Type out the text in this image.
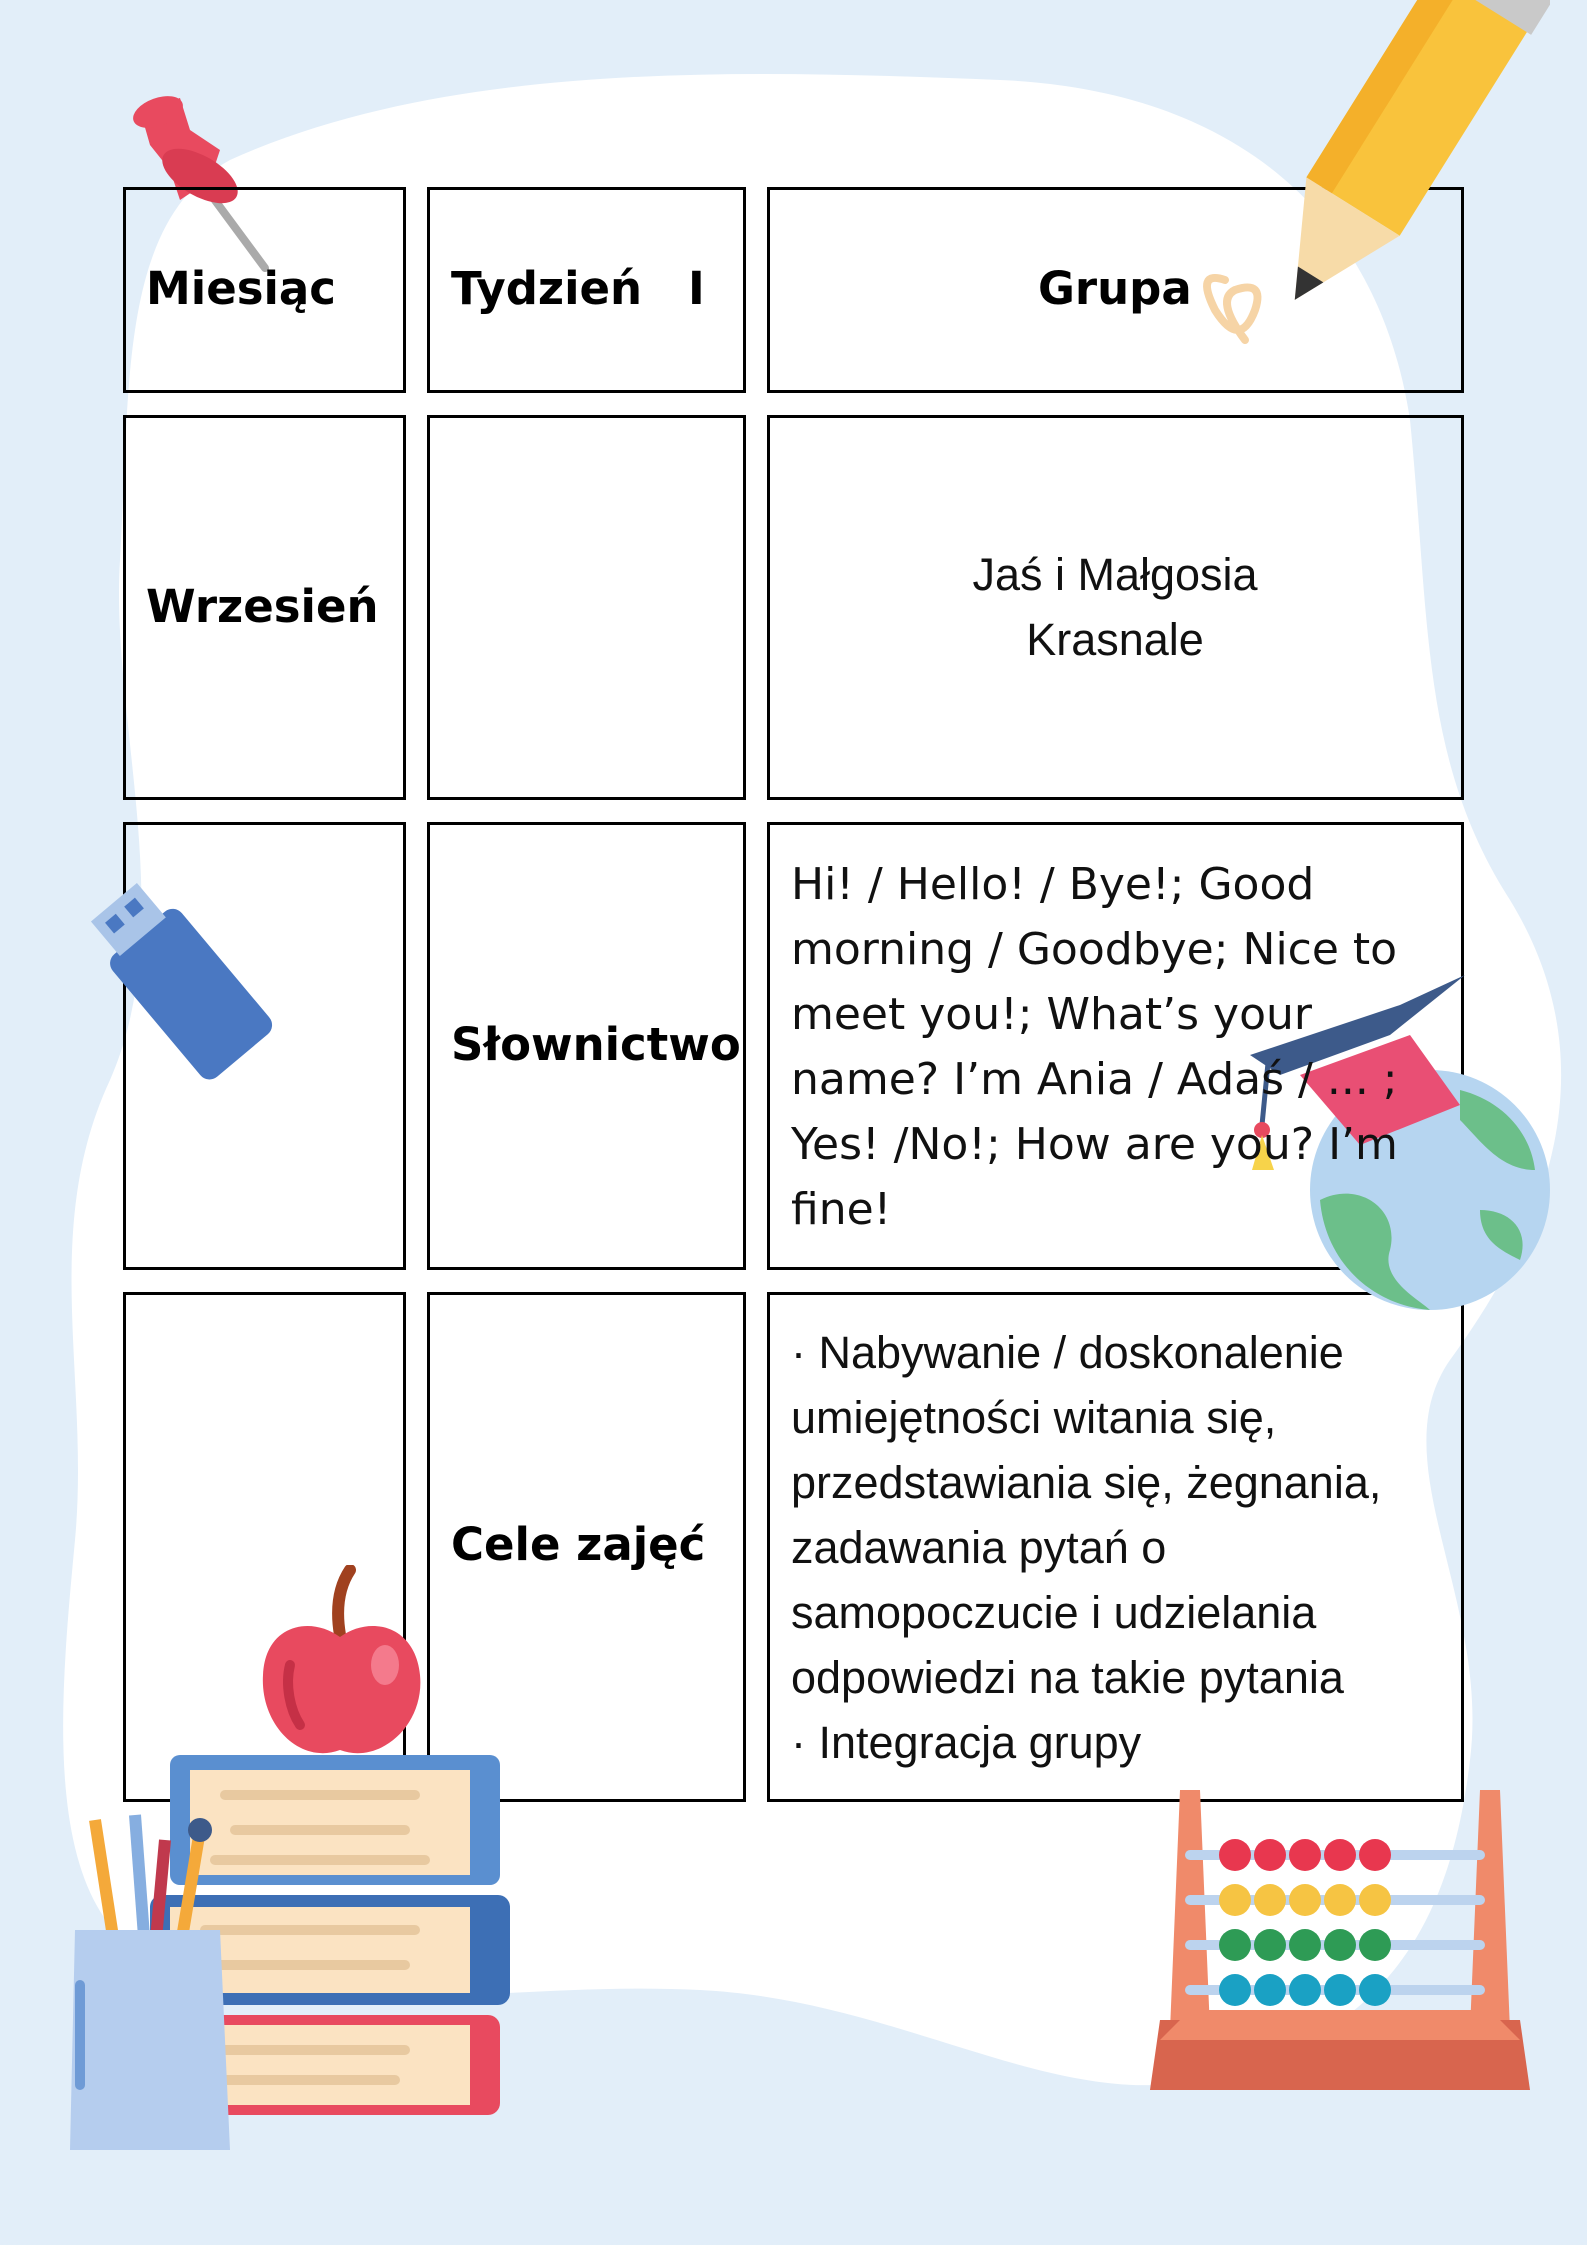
Miesiąc	Tydzień I	Grupa
Wrzesień
Jaś i Małgosia
Krasnale
Słownictwo
Hi! / Hello! / Bye!; Good
morning / Goodbye; Nice to
meet you!; What’s your
name? I’m Ania / Adaś / ... ;
Yes! /No!; How are you? I’m
fine!
Cele zajęć
· Nabywanie / doskonalenie
umiejętności witania się,
przedstawiania się, żegnania,
zadawania pytań o
samopoczucie i udzielania
odpowiedzi na takie pytania
· Integracja grupy
